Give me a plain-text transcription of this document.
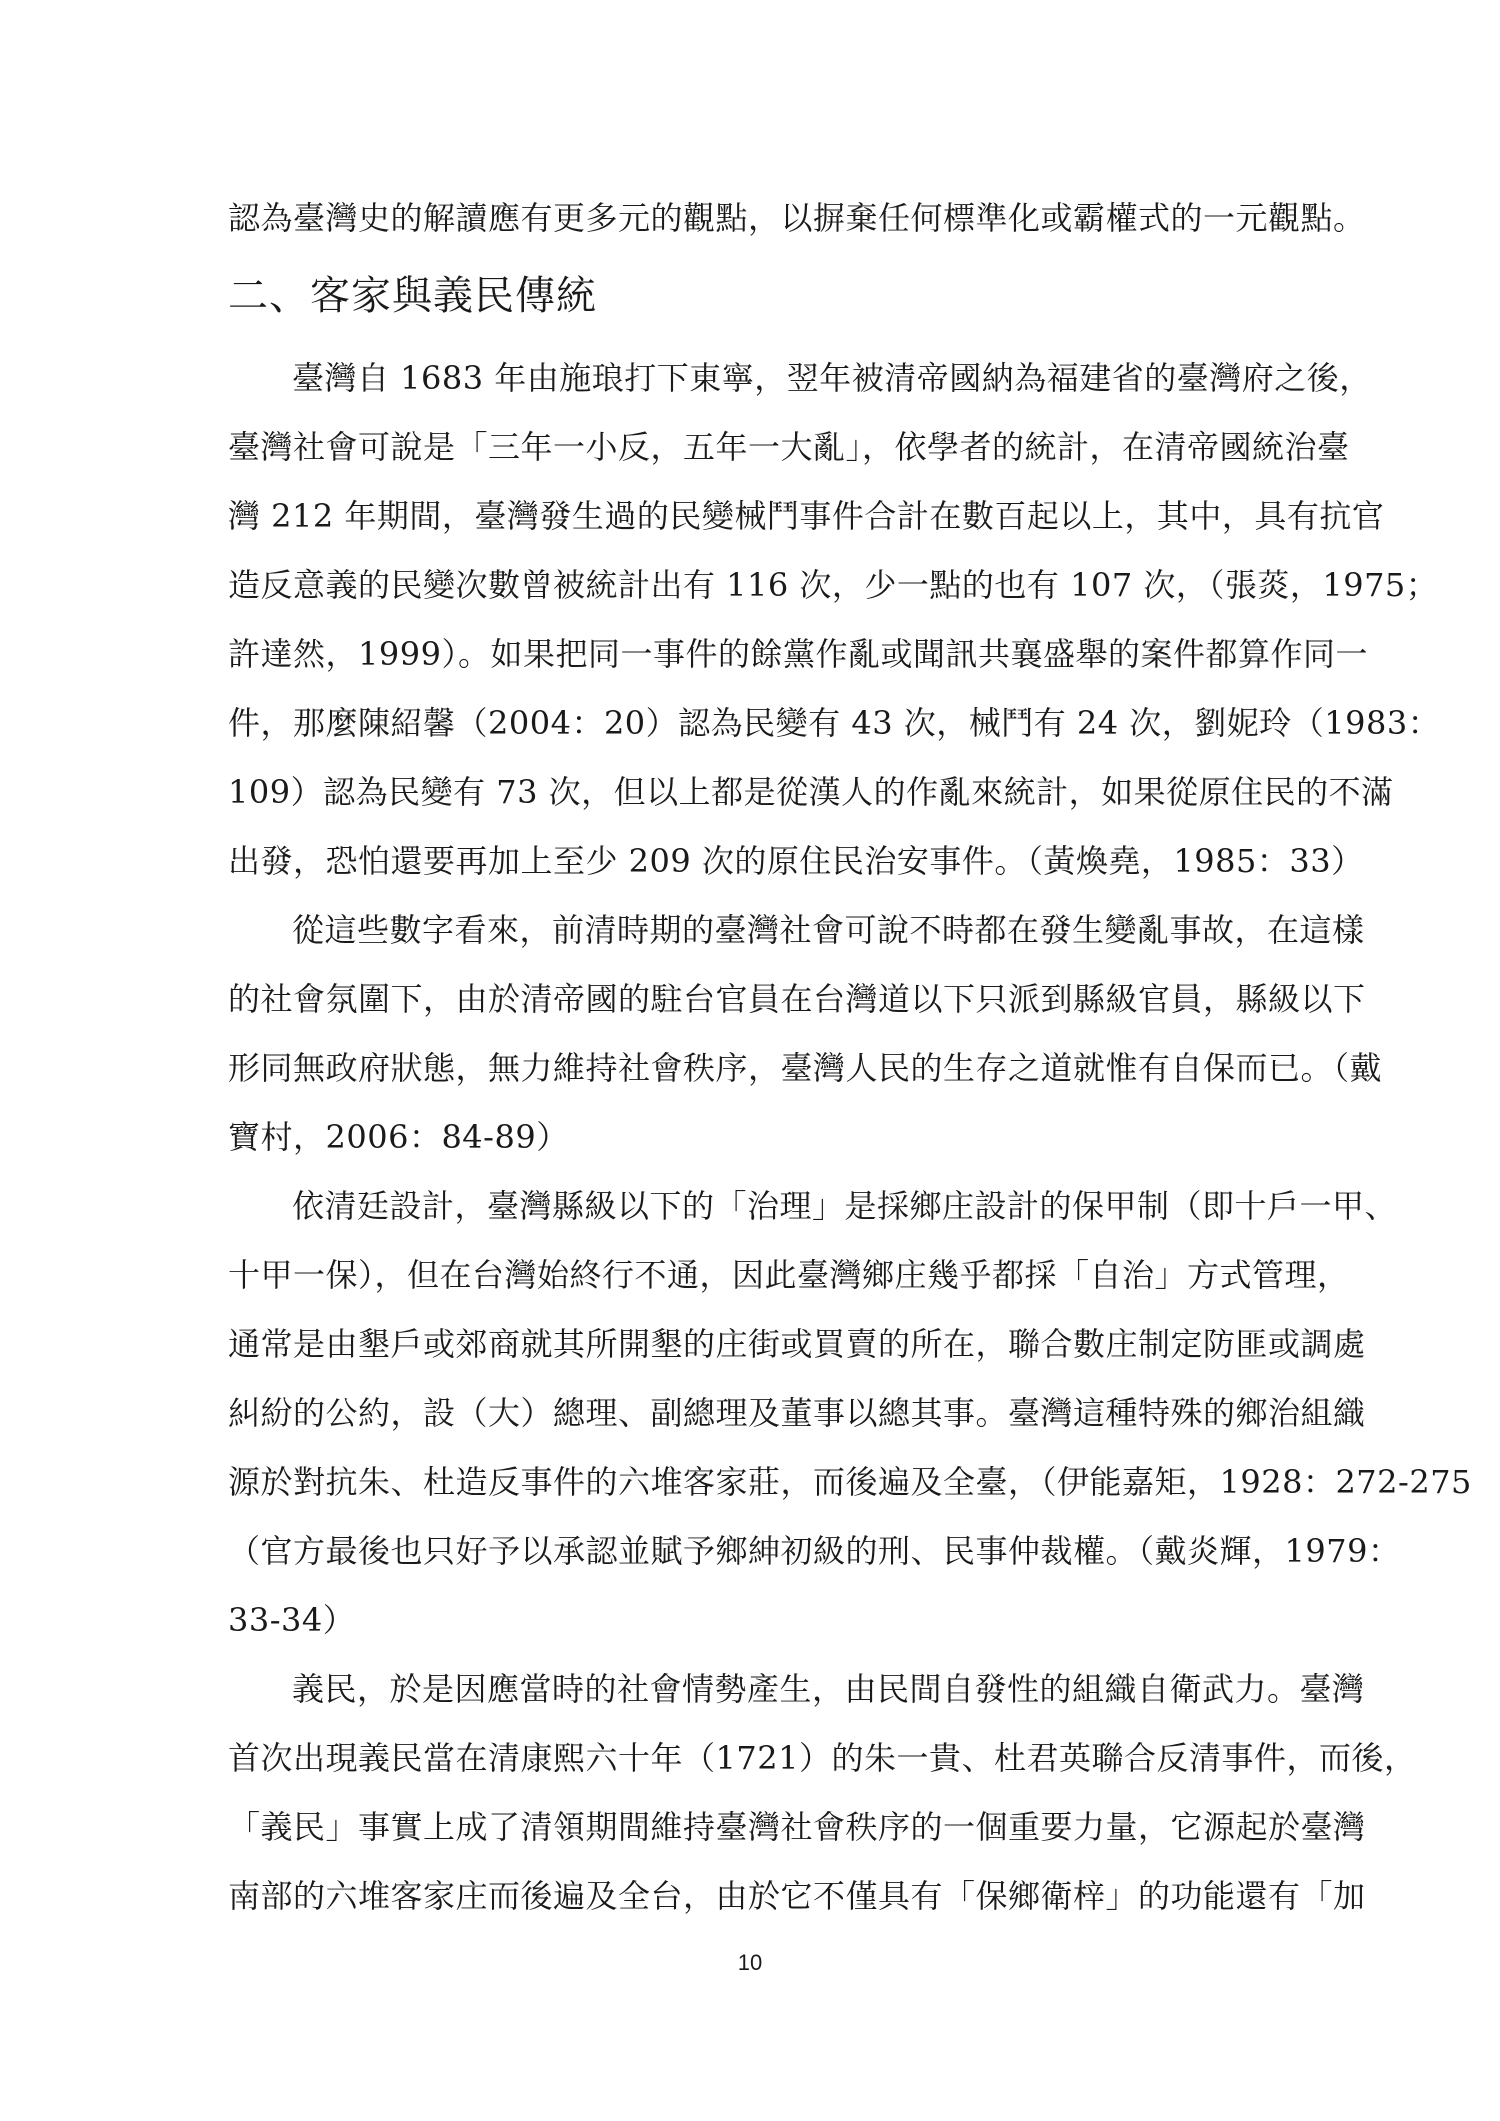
認為臺灣史的解讀應有更多元的觀點，以摒棄任何標準化或霸權式的一元觀點。
二、客家與義民傳統
臺灣自 1683 年由施琅打下東寧，翌年被清帝國納為福建省的臺灣府之後，
臺灣社會可說是「三年一小反，五年一大亂」，依學者的統計，在清帝國統治臺
灣 212 年期間，臺灣發生過的民變械鬥事件合計在數百起以上，其中，具有抗官
造反意義的民變次數曾被統計出有 116 次，少一點的也有 107 次，（張菼，1975；
許達然，1999）。如果把同一事件的餘黨作亂或聞訊共襄盛舉的案件都算作同一
件，那麼陳紹馨（2004：20）認為民變有 43 次，械鬥有 24 次，劉妮玲（1983：
109）認為民變有 73 次，但以上都是從漢人的作亂來統計，如果從原住民的不滿
出發，恐怕還要再加上至少 209 次的原住民治安事件。（黃煥堯，1985：33）
從這些數字看來，前清時期的臺灣社會可說不時都在發生變亂事故，在這樣
的社會氛圍下，由於清帝國的駐台官員在台灣道以下只派到縣級官員，縣級以下
形同無政府狀態，無力維持社會秩序，臺灣人民的生存之道就惟有自保而已。（戴
寶村，2006：84-89）
依清廷設計，臺灣縣級以下的「治理」是採鄉庄設計的保甲制（即十戶一甲、
十甲一保），但在台灣始終行不通，因此臺灣鄉庄幾乎都採「自治」方式管理，
通常是由墾戶或郊商就其所開墾的庄街或買賣的所在，聯合數庄制定防匪或調處
糾紛的公約，設（大）總理、副總理及董事以總其事。臺灣這種特殊的鄉治組織
源於對抗朱、杜造反事件的六堆客家莊，而後遍及全臺，（伊能嘉矩，1928：272-275
（官方最後也只好予以承認並賦予鄉紳初級的刑、民事仲裁權。（戴炎輝，1979：
33-34）
義民，於是因應當時的社會情勢產生，由民間自發性的組織自衛武力。臺灣
首次出現義民當在清康熙六十年（1721）的朱一貴、杜君英聯合反清事件，而後，
「義民」事實上成了清領期間維持臺灣社會秩序的一個重要力量，它源起於臺灣
南部的六堆客家庄而後遍及全台，由於它不僅具有「保鄉衛梓」的功能還有「加
10
